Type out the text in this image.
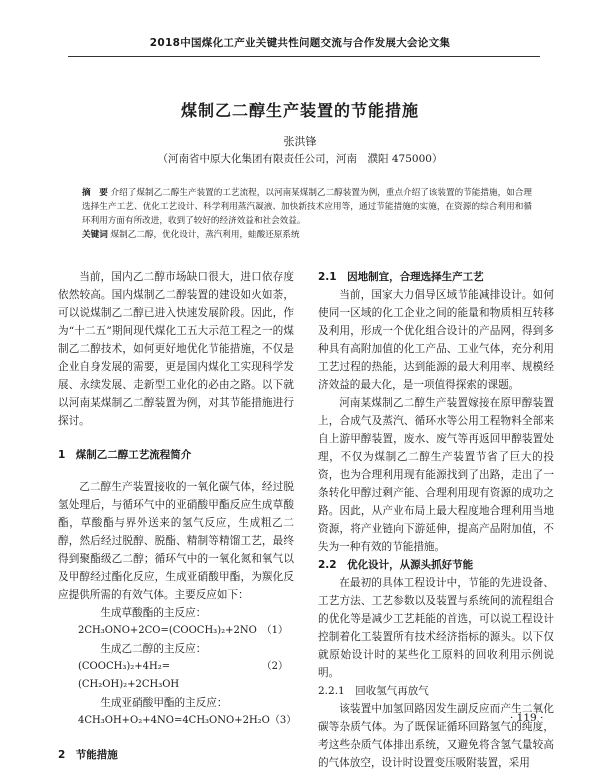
2018中国煤化工产业关键共性问题交流与合作发展大会论文集
煤制乙二醇生产装置的节能措施
张洪锋
（河南省中原大化集团有限责任公司，河南　濮阳 475000）
摘　要 介绍了煤制乙二醇生产装置的工艺流程，以河南某煤制乙二醇装置为例，重点介绍了该装置的节能措施，如合理选择生产工艺、优化工艺设计、科学利用蒸汽凝液、加快新技术应用等，通过节能措施的实施，在资源的综合利用和循环利用方面有所改进，收到了较好的经济效益和社会效益。
关键词 煤制乙二醇，优化设计，蒸汽利用，蛙酸还原系统

当前，国内乙二醇市场缺口很大，进口依存度依然较高。国内煤制乙二醇装置的建设如火如荼，可以说煤制乙二醇已进入快速发展阶段。因此，作为“十二五”期间现代煤化工五大示范工程之一的煤制乙二醇技术，如何更好地优化节能措施，不仅是企业自身发展的需要，更是国内煤化工实现科学发展、永续发展、走新型工业化的必由之路。以下就以河南某煤制乙二醇装置为例，对其节能措施进行探讨。

1　煤制乙二醇工艺流程简介

乙二醇生产装置接收的一氧化碳气体，经过脱氢处理后，与循环气中的亚硝酸甲酯反应生成草酸酯，草酸酯与界外送来的氢气反应，生成粗乙二醇，然后经过脱醇、脱酯、精制等精馏工艺，最终得到聚酯级乙二醇；循环气中的一氧化氮和氧气以及甲醇经过酯化反应，生成亚硝酸甲酯，为羰化反应提供所需的有效气体。主要反应如下：

生成草酸酯的主反应：

2CH₃ONO+2CO=(COOCH₃)₂+2NO （1）

生成乙二醇的主反应：

(COOCH₃)₂+4H₂=(CH₂OH)₂+2CH₃OH
（2）

生成亚硝酸甲酯的主反应：

4CH₃OH+O₂+4NO=4CH₃ONO+2H₂O （3）
2　节能措施
2.1　因地制宜，合理选择生产工艺

当前，国家大力倡导区域节能减排设计。如何使同一区域的化工企业之间的能量和物质相互转移及利用，形成一个优化组合设计的产品网，得到多种具有高附加值的化工产品、工业气体，充分利用工艺过程的热能，达到能源的最大利用率、规模经济效益的最大化，是一项值得探索的课题。

河南某煤制乙二醇生产装置嫁接在原甲醇装置上，合成气及蒸汽、循环水等公用工程物料全部来自上游甲醇装置，废水、废气等再返回甲醇装置处理，不仅为煤制乙二醇生产装置节省了巨大的投资，也为合理利用现有能源找到了出路，走出了一条转化甲醇过剩产能、合理利用现有资源的成功之路。因此，从产业布局上最大程度地合理利用当地资源，将产业链向下游延伸，提高产品附加值，不失为一种有效的节能措施。

2.2　优化设计，从源头抓好节能

在最初的具体工程设计中，节能的先进设备、工艺方法、工艺参数以及装置与系统间的流程组合的优化等是减少工艺耗能的首选，可以说工程设计控制着化工装置所有技术经济指标的源头。以下仅就原始设计时的某些化工原料的回收利用示例说明。

2.2.1　回收氢气再放气

该装置中加氢回路因发生副反应而产生二氧化碳等杂质气体。为了既保证循环回路氢气的纯度，考这些杂质气体排出系统，又避免将含氢气量较高的气体放空，设计时设置变压吸附装置，采用

· 119 ·
